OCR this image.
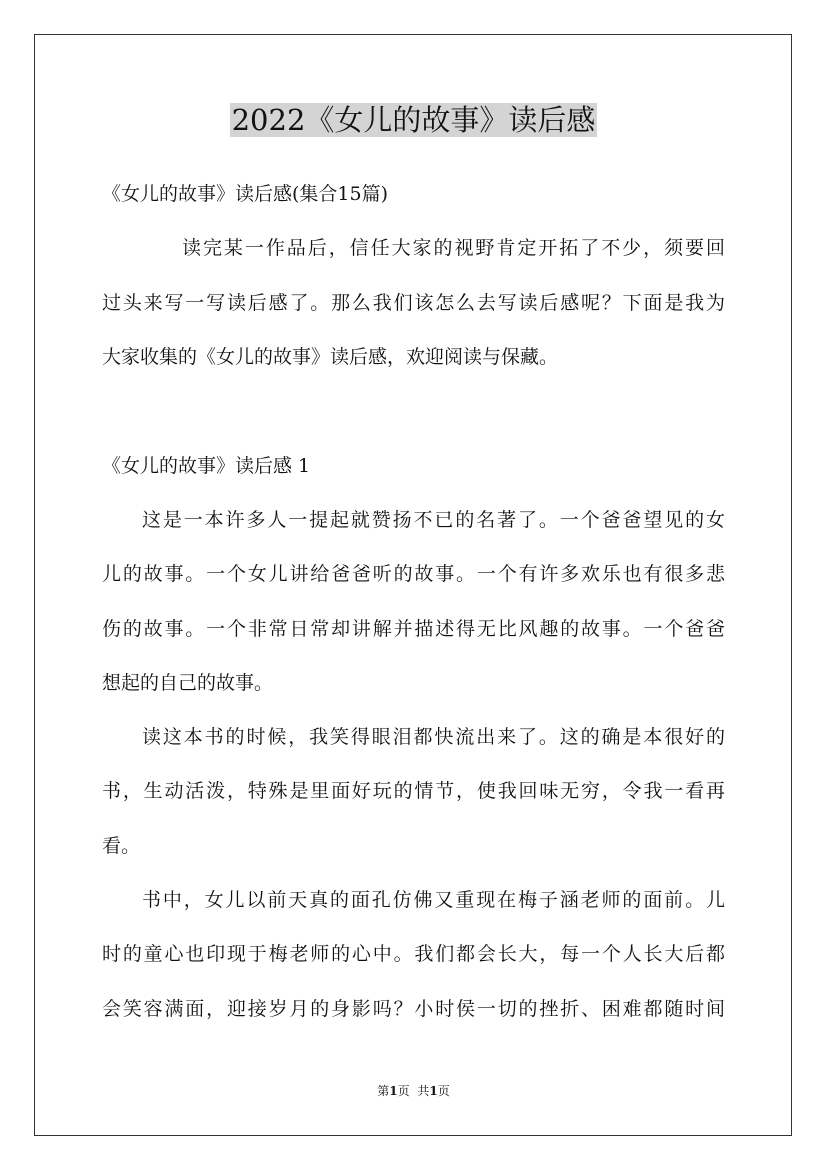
2022《女儿的故事》读后感
《女儿的故事》读后感(集合15篇)
读完某一作品后，信任大家的视野肯定开拓了不少，须要回
过头来写一写读后感了。那么我们该怎么去写读后感呢？下面是我为
大家收集的《女儿的故事》读后感，欢迎阅读与保藏。
《女儿的故事》读后感 1
这是一本许多人一提起就赞扬不已的名著了。一个爸爸望见的女
儿的故事。一个女儿讲给爸爸听的故事。一个有许多欢乐也有很多悲
伤的故事。一个非常日常却讲解并描述得无比风趣的故事。一个爸爸
想起的自己的故事。
读这本书的时候，我笑得眼泪都快流出来了。这的确是本很好的
书，生动活泼，特殊是里面好玩的情节，使我回味无穷，令我一看再
看。
书中，女儿以前天真的面孔仿佛又重现在梅子涵老师的面前。儿
时的童心也印现于梅老师的心中。我们都会长大，每一个人长大后都
会笑容满面，迎接岁月的身影吗？小时侯一切的挫折、困难都随时间
第1页 共1页
